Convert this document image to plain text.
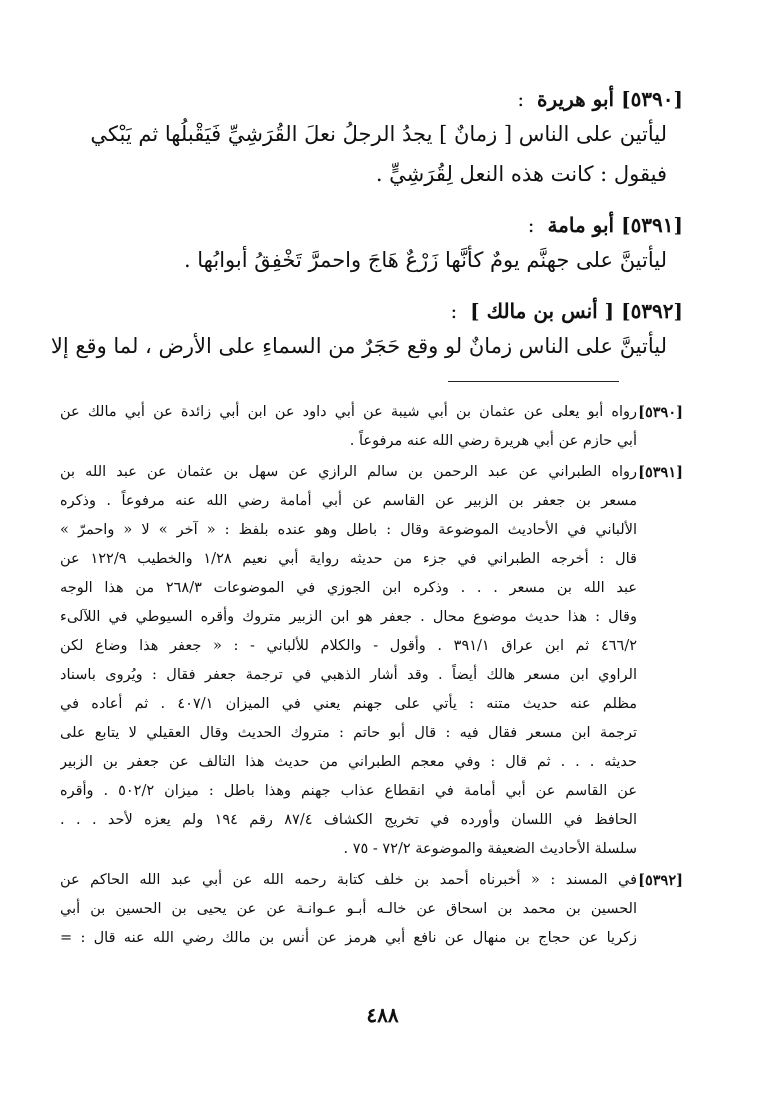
[٥٣٩٠] أبو هريرة :
ليأتين على الناس [ زمانٌ ] يجدُ الرجلُ نعلَ القُرَشِيِّ فَيَقْبلُها ثم يَبْكي
فيقول : كانت هذه النعل لِقُرَشِيٍّ .
[٥٣٩١] أبو مامة :
ليأتينَّ على جهنَّم يومٌ كأنَّها زَرْعٌ هَاجَ واحمرَّ تَخْفِقُ أبوابُها .
[٥٣٩٢] [ أنس بن مالك ] :
ليأتينَّ على الناس زمانٌ لو وقع حَجَرٌ من السماءِ على الأرض ، لما وقع إلا
[٥٣٩٠]
رواه أبو يعلى عن عثمان بن أبي شيبة عن أبي داود عن ابن أبي زائدة عن أبي مالك عن
أبي حازم عن أبي هريرة رضي الله عنه مرفوعاً .
[٥٣٩١]
رواه الطبراني عن عبد الرحمن بن سالم الرازي عن سهل بن عثمان عن عبد الله بن
مسعر بن جعفر بن الزبير عن القاسم عن أبي أمامة رضي الله عنه مرفوعاً . وذكره
الألباني في الأحاديث الموضوعة وقال : باطل وهو عنده بلفظ : « آخر » لا « واحمرّ »
قال : أخرجه الطبراني في جزء من حديثه رواية أبي نعيم ١/٢٨ والخطيب ١٢٢/٩ عن
عبد الله بن مسعر . . . وذكره ابن الجوزي في الموضوعات ٢٦٨/٣ من هذا الوجه
وقال : هذا حديث موضوع محال . جعفر هو ابن الزبير متروك وأقره السيوطي في اللآلىء
٤٦٦/٢ ثم ابن عراق ٣٩١/١ . وأقول - والكلام للألباني - : « جعفر هذا وضاع لكن
الراوي ابن مسعر هالك أيضاً . وقد أشار الذهبي في ترجمة جعفر فقال : ويُروى باسناد
مظلم عنه حديث متنه : يأتي على جهنم يعني في الميزان ٤٠٧/١ . ثم أعاده في
ترجمة ابن مسعر فقال فيه : قال أبو حاتم : متروك الحديث وقال العقيلي لا يتابع على
حديثه . . . ثم قال : وفي معجم الطبراني من حديث هذا التالف عن جعفر بن الزبير
عن القاسم عن أبي أمامة في انقطاع عذاب جهنم وهذا باطل : ميزان ٥٠٢/٢ . وأقره
الحافظ في اللسان وأورده في تخريج الكشاف ٨٧/٤ رقم ١٩٤ ولم يعزه لأحد . . .
سلسلة الأحاديث الضعيفة والموضوعة ٧٢/٢ - ٧٥ .
[٥٣٩٢]
في المسند : « أخبرناه أحمد بن خلف كتابة رحمه الله عن أبي عبد الله الحاكم عن
الحسين بن محمد بن اسحاق عن خالـه أبـو عـوانـة عن عن يحيى بن الحسين بن أبي
زكريا عن حجاج بن منهال عن نافع أبي هرمز عن أنس بن مالك رضي الله عنه قال : =
٤٨٨
